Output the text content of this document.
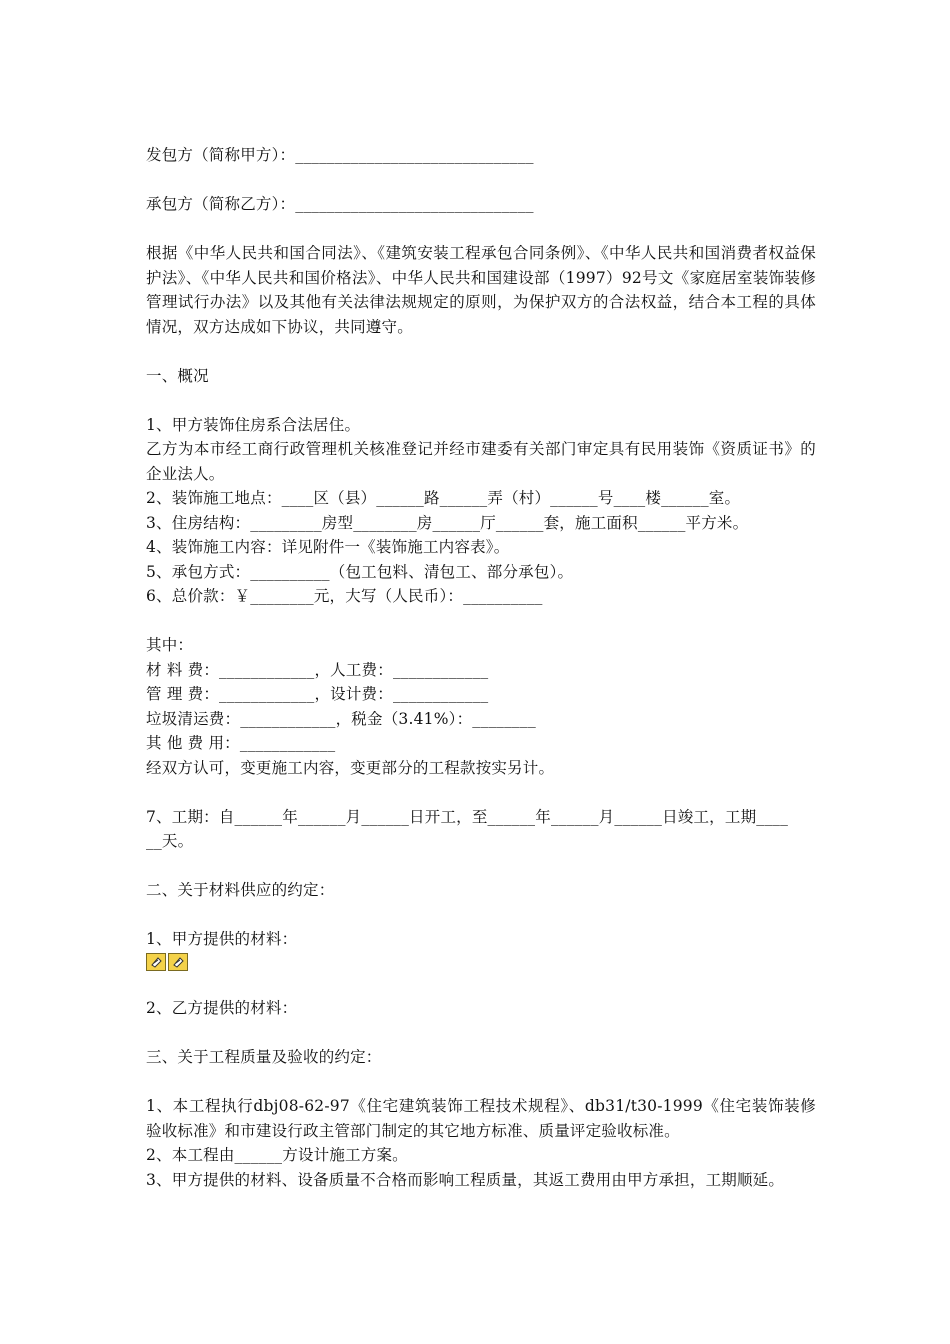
发包方（简称甲方）：______________________________
承包方（简称乙方）：______________________________
根据《中华人民共和国合同法》、《建筑安装工程承包合同条例》、《中华人民共和国消费者权益保护法》、《中华人民共和国价格法》、中华人民共和国建设部（1997）92号文《家庭居室装饰装修管理试行办法》以及其他有关法律法规规定的原则，为保护双方的合法权益，结合本工程的具体情况，双方达成如下协议，共同遵守。
一、概况
1、甲方装饰住房系合法居住。
乙方为本市经工商行政管理机关核准登记并经市建委有关部门审定具有民用装饰《资质证书》的企业法人。
2、装饰施工地点：____区（县）______路______弄（村）______号____楼______室。
3、住房结构：_________房型________房______厅______套，施工面积______平方米。
4、装饰施工内容：详见附件一《装饰施工内容表》。
5、承包方式：__________（包工包料、清包工、部分承包）。
6、总价款：￥________元，大写（人民币）：__________
其中：
材 料 费：____________，人工费：____________
管 理 费：____________，设计费：____________
垃圾清运费：____________，税金（3.41%）：________
其 他 费 用：____________
经双方认可，变更施工内容，变更部分的工程款按实另计。
7、工期：自______年______月______日开工，至______年______月______日竣工，工期____
__天。
二、关于材料供应的约定：
1、甲方提供的材料：
2、乙方提供的材料：
三、关于工程质量及验收的约定：
1、本工程执行dbj08-62-97《住宅建筑装饰工程技术规程》、db31/t30-1999《住宅装饰装修验收标准》和市建设行政主管部门制定的其它地方标准、质量评定验收标准。
2、本工程由______方设计施工方案。
3、甲方提供的材料、设备质量不合格而影响工程质量，其返工费用由甲方承担，工期顺延。
